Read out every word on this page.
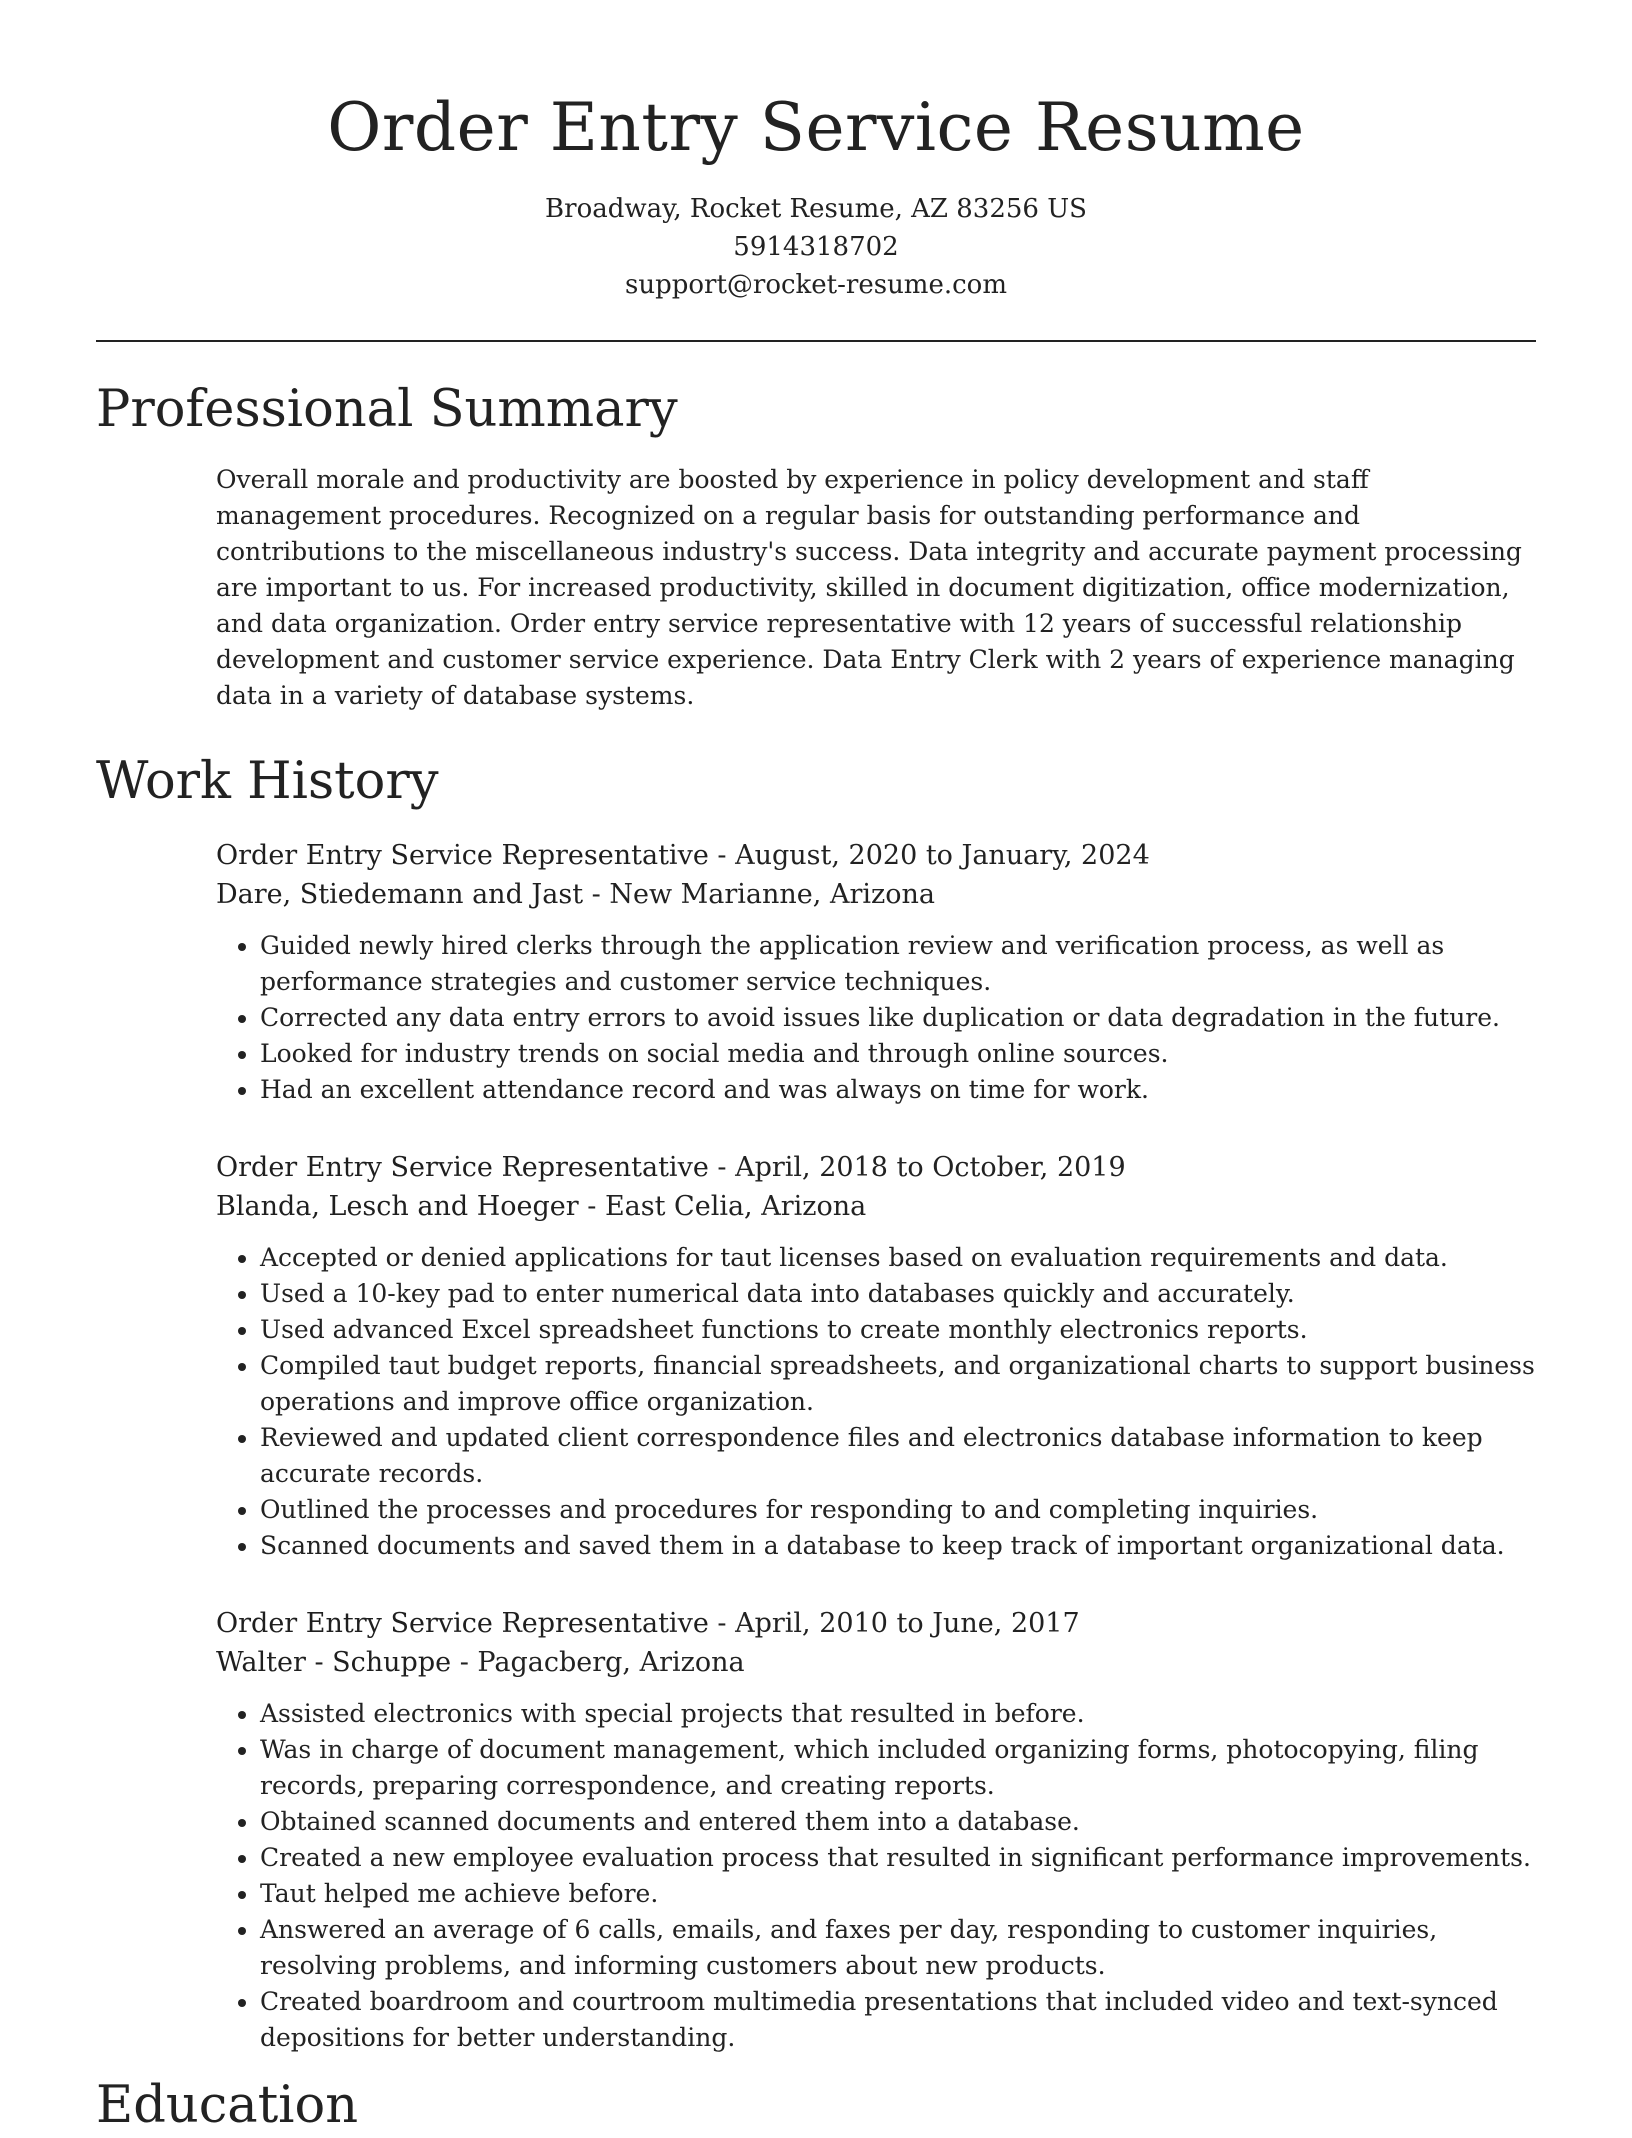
Order Entry Service Resume
Broadway, Rocket Resume, AZ 83256 US
5914318702
support@rocket-resume.com
Professional Summary
Overall morale and productivity are boosted by experience in policy development and staff management procedures. Recognized on a regular basis for outstanding performance and contributions to the miscellaneous industry's success. Data integrity and accurate payment processing are important to us. For increased productivity, skilled in document digitization, office modernization, and data organization. Order entry service representative with 12 years of successful relationship development and customer service experience. Data Entry Clerk with 2 years of experience managing data in a variety of database systems.
Work History
Order Entry Service Representative - August, 2020 to January, 2024
Dare, Stiedemann and Jast - New Marianne, Arizona
• Guided newly hired clerks through the application review and verification process, as well as performance strategies and customer service techniques.
• Corrected any data entry errors to avoid issues like duplication or data degradation in the future.
• Looked for industry trends on social media and through online sources.
• Had an excellent attendance record and was always on time for work.
Order Entry Service Representative - April, 2018 to October, 2019
Blanda, Lesch and Hoeger - East Celia, Arizona
• Accepted or denied applications for taut licenses based on evaluation requirements and data.
• Used a 10-key pad to enter numerical data into databases quickly and accurately.
• Used advanced Excel spreadsheet functions to create monthly electronics reports.
• Compiled taut budget reports, financial spreadsheets, and organizational charts to support business operations and improve office organization.
• Reviewed and updated client correspondence files and electronics database information to keep accurate records.
• Outlined the processes and procedures for responding to and completing inquiries.
• Scanned documents and saved them in a database to keep track of important organizational data.
Order Entry Service Representative - April, 2010 to June, 2017
Walter - Schuppe - Pagacberg, Arizona
• Assisted electronics with special projects that resulted in before.
• Was in charge of document management, which included organizing forms, photocopying, filing records, preparing correspondence, and creating reports.
• Obtained scanned documents and entered them into a database.
• Created a new employee evaluation process that resulted in significant performance improvements.
• Taut helped me achieve before.
• Answered an average of 6 calls, emails, and faxes per day, responding to customer inquiries, resolving problems, and informing customers about new products.
• Created boardroom and courtroom multimedia presentations that included video and text-synced depositions for better understanding.
Education
